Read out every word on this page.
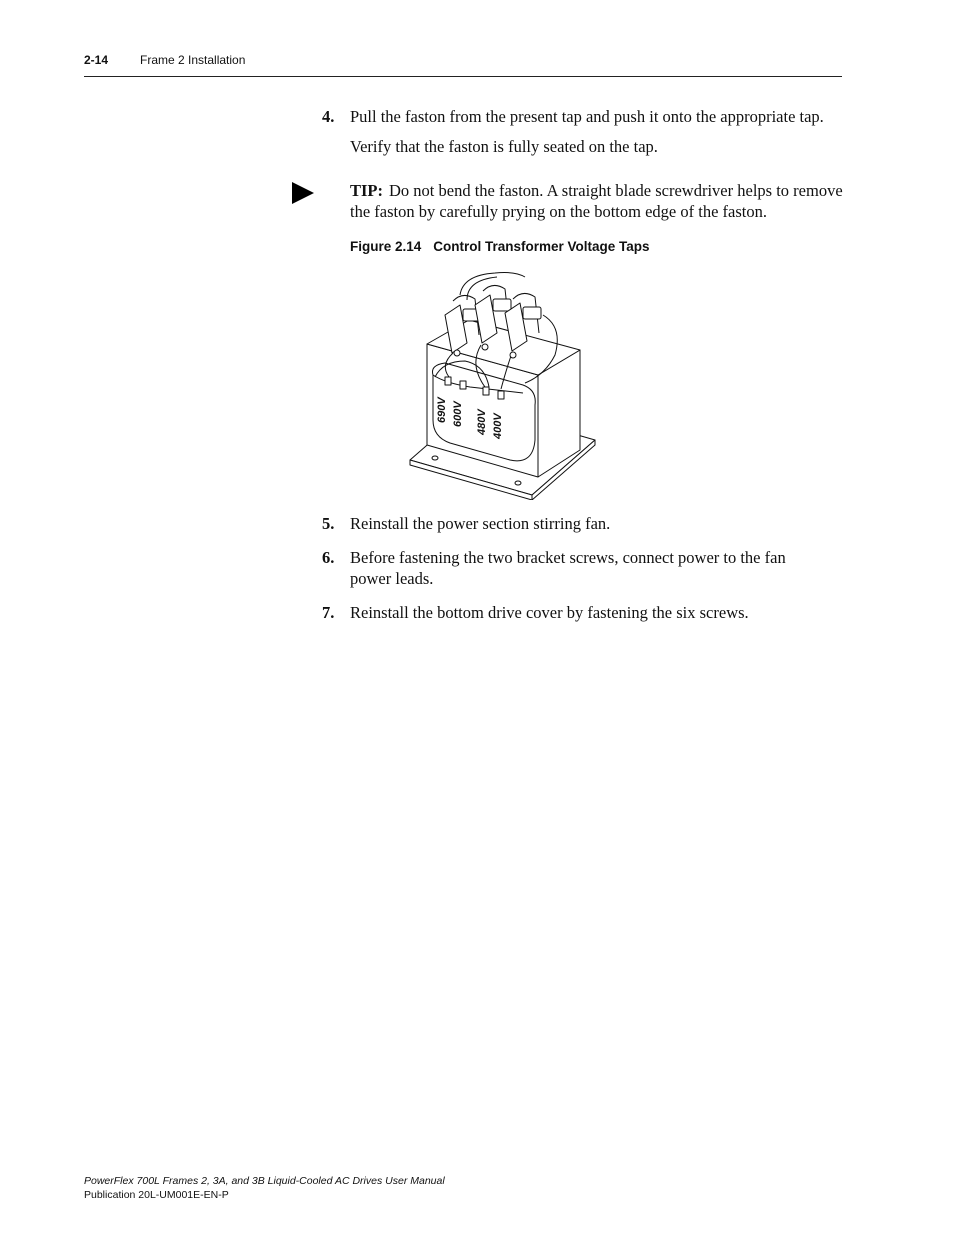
2-14	Frame 2 Installation
4. Pull the faston from the present tap and push it onto the appropriate tap.
Verify that the faston is fully seated on the tap.
TIP: Do not bend the faston. A straight blade screwdriver helps to remove the faston by carefully prying on the bottom edge of the faston.
Figure 2.14 Control Transformer Voltage Taps
690V 600V 480V 400V
5. Reinstall the power section stirring fan.
6. Before fastening the two bracket screws, connect power to the fan power leads.
7. Reinstall the bottom drive cover by fastening the six screws.
PowerFlex 700L Frames 2, 3A, and 3B Liquid-Cooled AC Drives User Manual
Publication 20L-UM001E-EN-P
